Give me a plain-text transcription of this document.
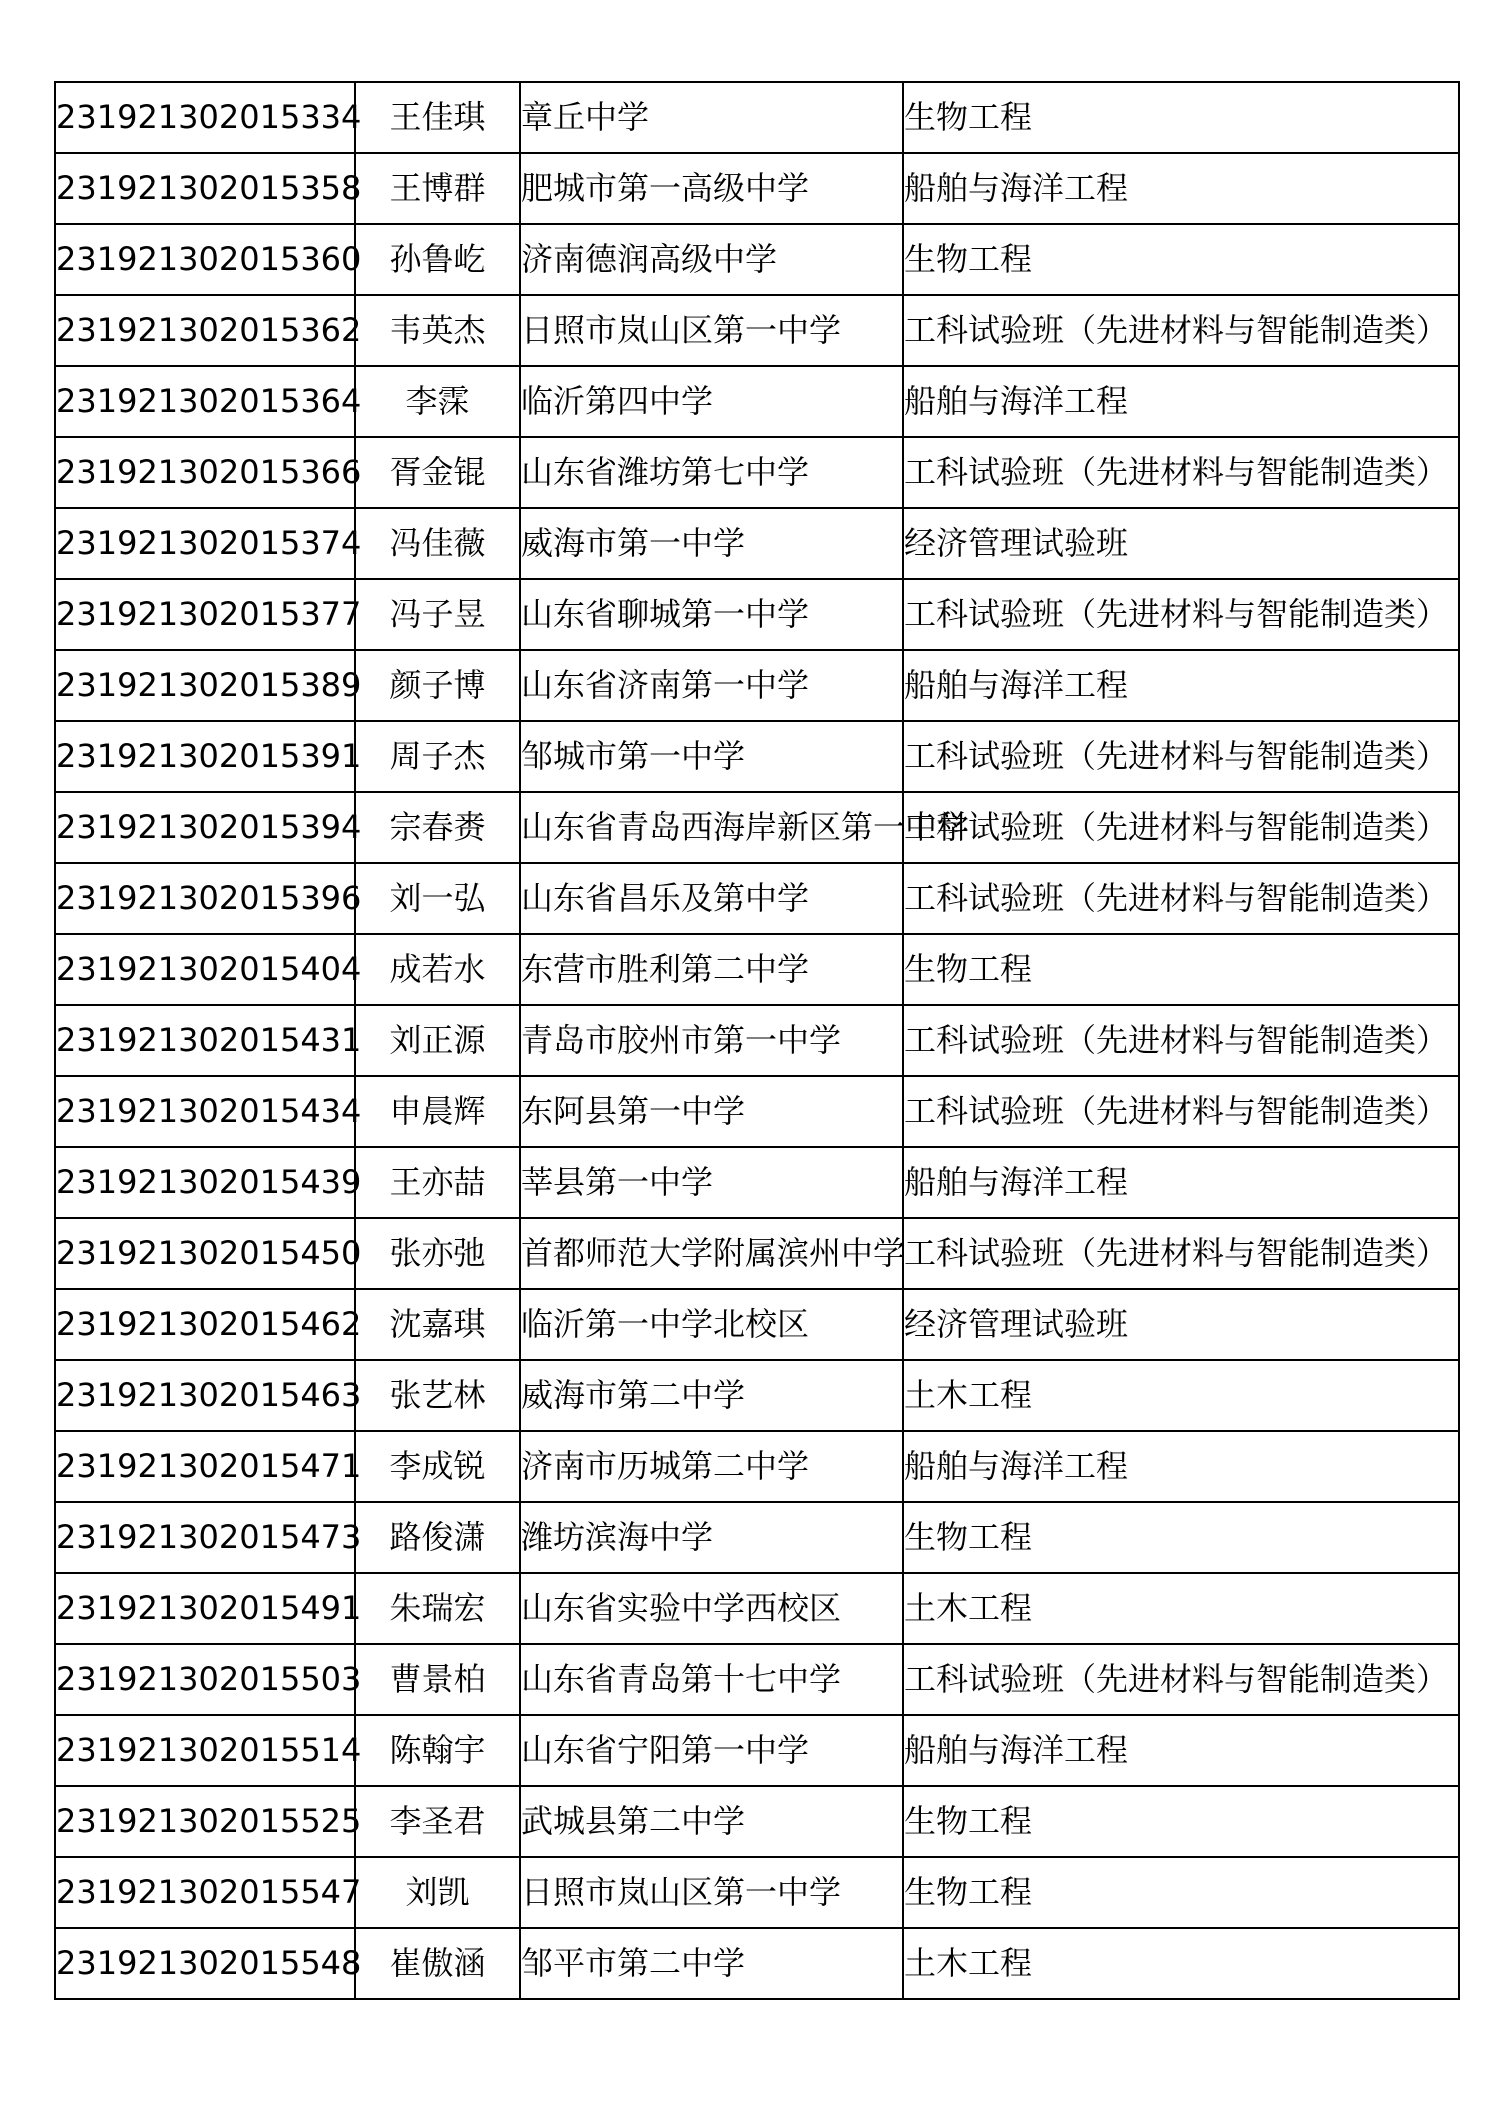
231921302015334	王佳琪	章丘中学	生物工程
231921302015358	王博群	肥城市第一高级中学	船舶与海洋工程
231921302015360	孙鲁屹	济南德润高级中学	生物工程
231921302015362	韦英杰	日照市岚山区第一中学	工科试验班（先进材料与智能制造类）
231921302015364	李霂	临沂第四中学	船舶与海洋工程
231921302015366	胥金锟	山东省潍坊第七中学	工科试验班（先进材料与智能制造类）
231921302015374	冯佳薇	威海市第一中学	经济管理试验班
231921302015377	冯子昱	山东省聊城第一中学	工科试验班（先进材料与智能制造类）
231921302015389	颜子博	山东省济南第一中学	船舶与海洋工程
231921302015391	周子杰	邹城市第一中学	工科试验班（先进材料与智能制造类）
231921302015394	宗春赉	山东省青岛西海岸新区第一中学	工科试验班（先进材料与智能制造类）
231921302015396	刘一弘	山东省昌乐及第中学	工科试验班（先进材料与智能制造类）
231921302015404	成若水	东营市胜利第二中学	生物工程
231921302015431	刘正源	青岛市胶州市第一中学	工科试验班（先进材料与智能制造类）
231921302015434	申晨辉	东阿县第一中学	工科试验班（先进材料与智能制造类）
231921302015439	王亦喆	莘县第一中学	船舶与海洋工程
231921302015450	张亦弛	首都师范大学附属滨州中学	工科试验班（先进材料与智能制造类）
231921302015462	沈嘉琪	临沂第一中学北校区	经济管理试验班
231921302015463	张艺林	威海市第二中学	土木工程
231921302015471	李成锐	济南市历城第二中学	船舶与海洋工程
231921302015473	路俊潇	潍坊滨海中学	生物工程
231921302015491	朱瑞宏	山东省实验中学西校区	土木工程
231921302015503	曹景柏	山东省青岛第十七中学	工科试验班（先进材料与智能制造类）
231921302015514	陈翰宇	山东省宁阳第一中学	船舶与海洋工程
231921302015525	李圣君	武城县第二中学	生物工程
231921302015547	刘凯	日照市岚山区第一中学	生物工程
231921302015548	崔傲涵	邹平市第二中学	土木工程
